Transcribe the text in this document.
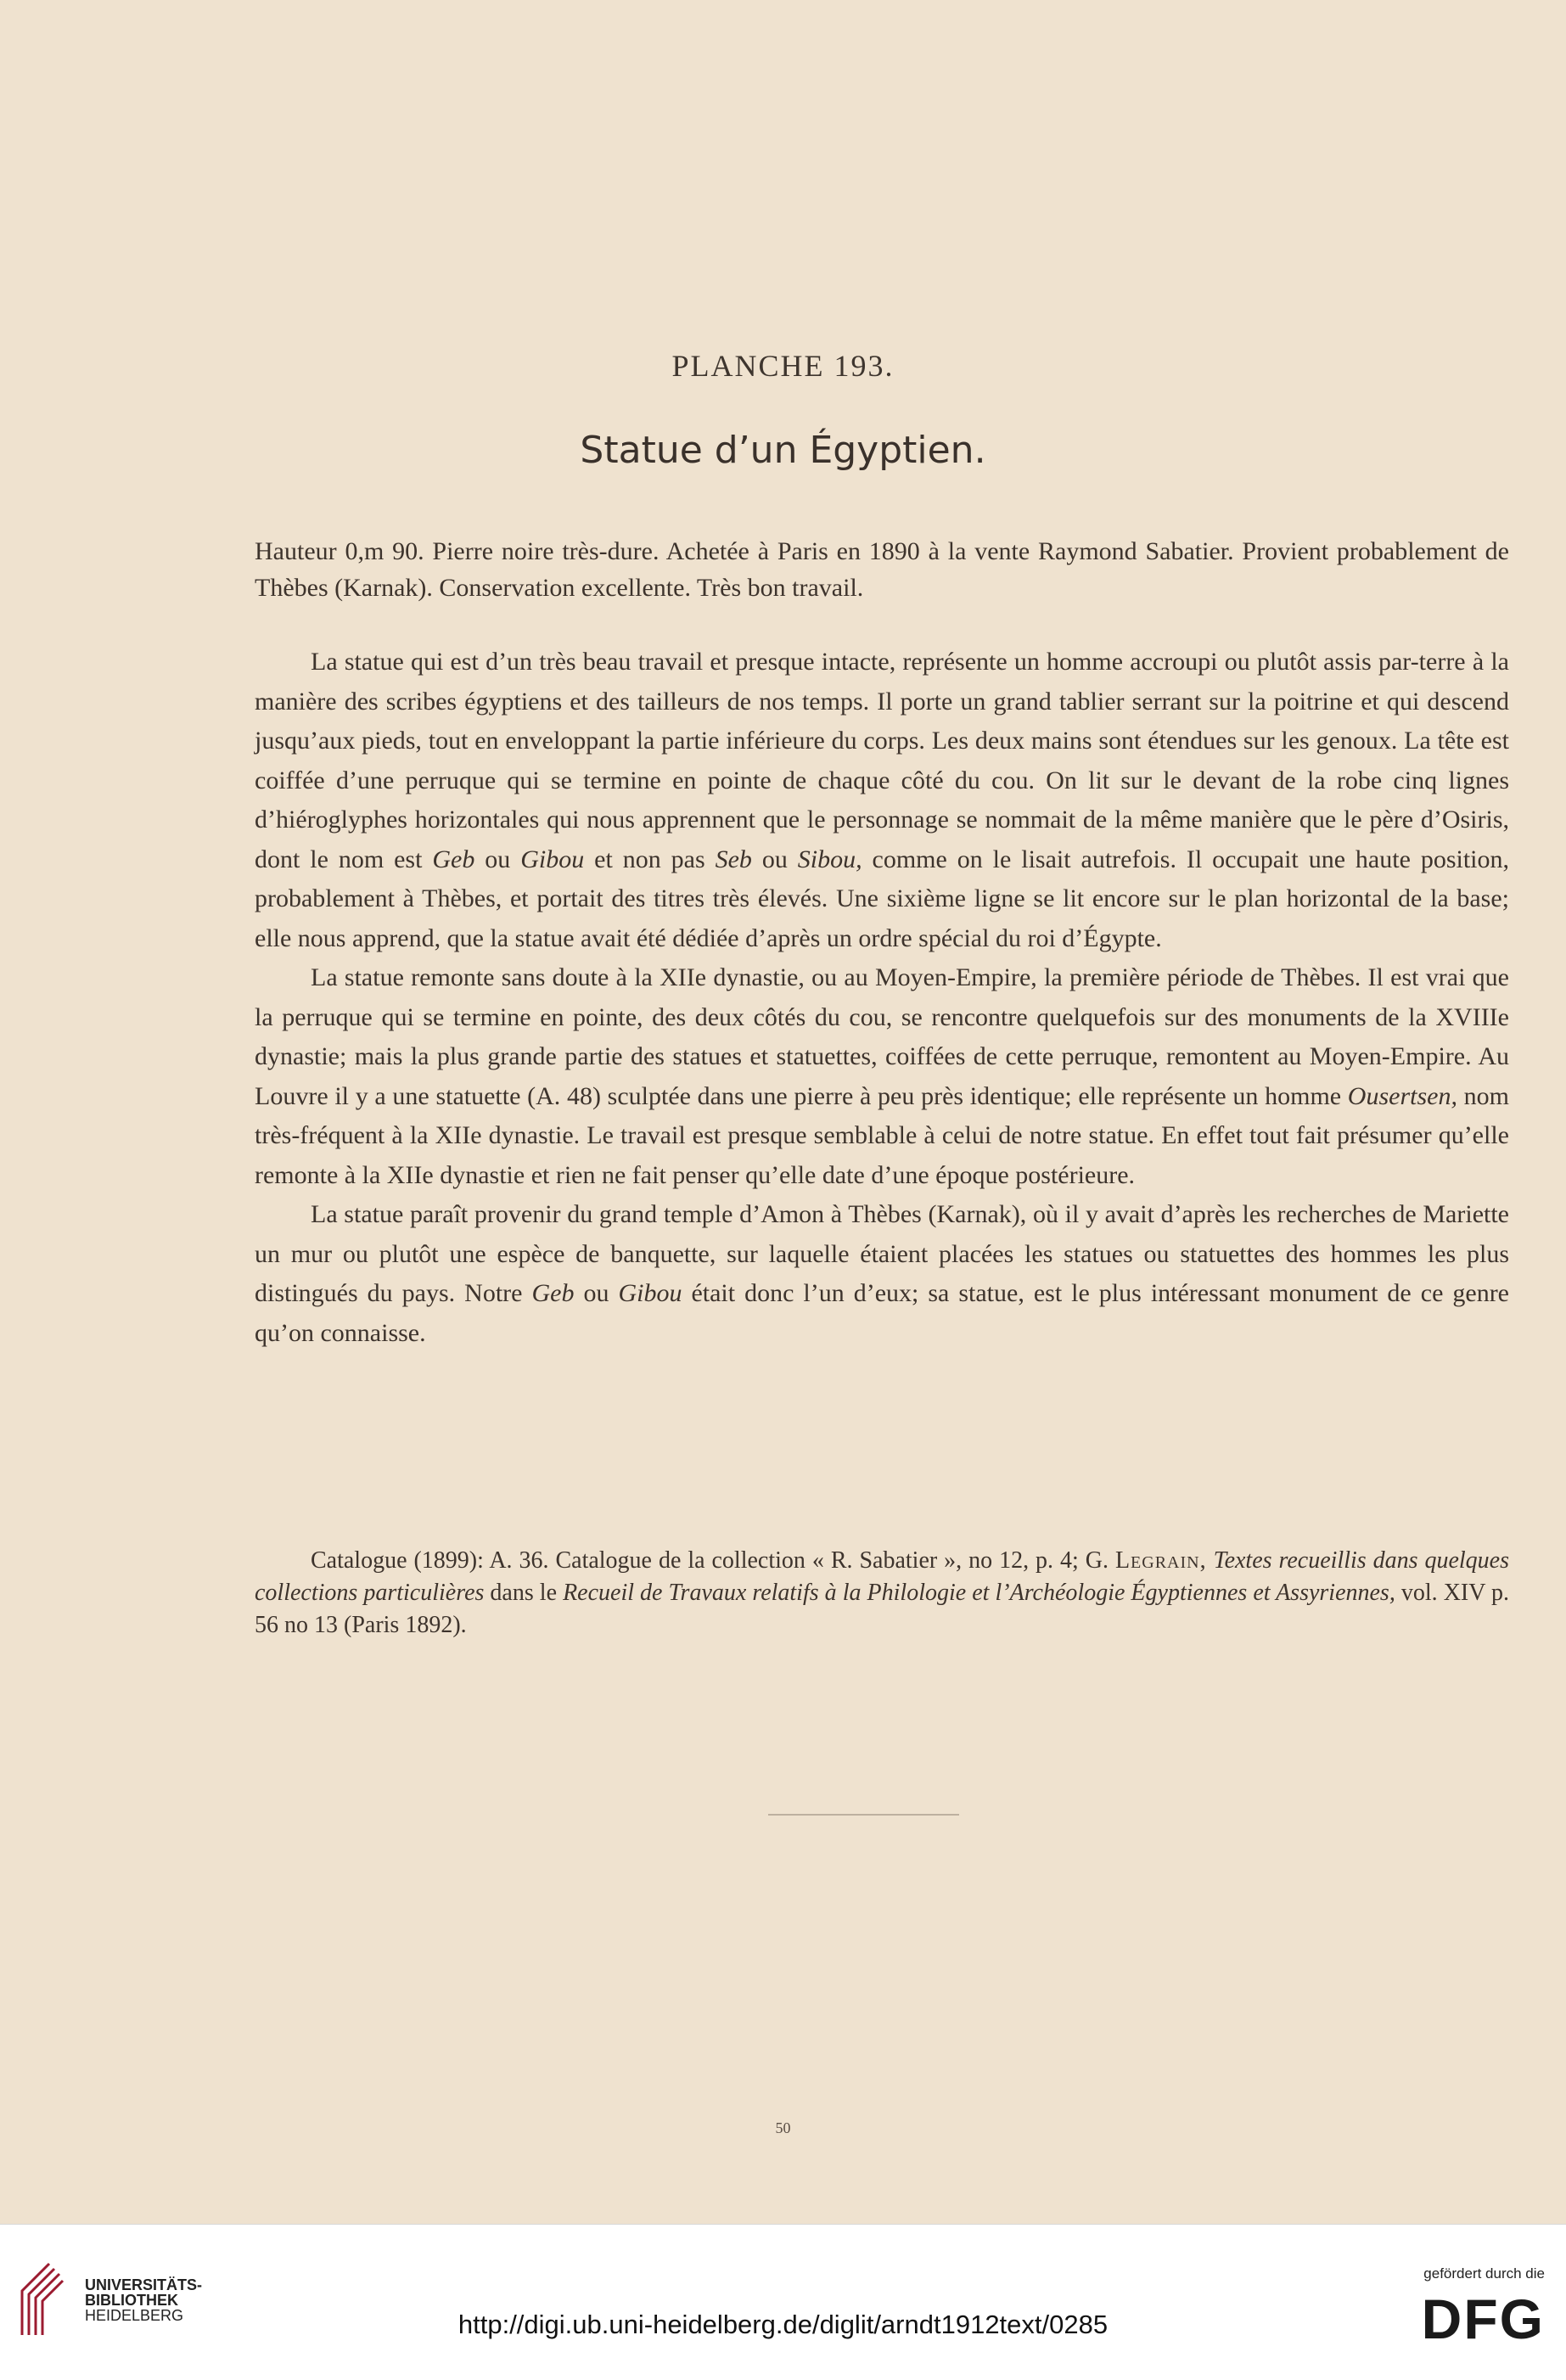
PLANCHE 193.
Statue d’un Égyptien.
Hauteur 0,m 90. Pierre noire très-dure. Achetée à Paris en 1890 à la vente Raymond Sabatier. Provient probablement de Thèbes (Karnak). Conservation excellente. Très bon travail.

La statue qui est d’un très beau travail et presque intacte, représente un homme accroupi ou plutôt assis par-terre à la manière des scribes égyptiens et des tailleurs de nos temps. Il porte un grand tablier serrant sur la poitrine et qui descend jusqu’aux pieds, tout en enveloppant la partie inférieure du corps. Les deux mains sont étendues sur les genoux. La tête est coiffée d’une perruque qui se termine en pointe de chaque côté du cou. On lit sur le devant de la robe cinq lignes d’hiéroglyphes horizontales qui nous apprennent que le personnage se nommait de la même manière que le père d’Osiris, dont le nom est Geb ou Gibou et non pas Seb ou Sibou, comme on le lisait autrefois. Il occupait une haute position, probablement à Thèbes, et portait des titres très élevés. Une sixième ligne se lit encore sur le plan horizontal de la base; elle nous apprend, que la statue avait été dédiée d’après un ordre spécial du roi d’Égypte.

La statue remonte sans doute à la XIIe dynastie, ou au Moyen-Empire, la première période de Thèbes. Il est vrai que la perruque qui se termine en pointe, des deux côtés du cou, se rencontre quelquefois sur des monuments de la XVIIIe dynastie; mais la plus grande partie des statues et statuettes, coiffées de cette perruque, remontent au Moyen-Empire. Au Louvre il y a une statuette (A. 48) sculptée dans une pierre à peu près identique; elle représente un homme Ousertsen, nom très-fréquent à la XIIe dynastie. Le travail est presque semblable à celui de notre statue. En effet tout fait présumer qu’elle remonte à la XIIe dynastie et rien ne fait penser qu’elle date d’une époque postérieure.

La statue paraît provenir du grand temple d’Amon à Thèbes (Karnak), où il y avait d’après les recherches de Mariette un mur ou plutôt une espèce de banquette, sur laquelle étaient placées les statues ou statuettes des hommes les plus distingués du pays. Notre Geb ou Gibou était donc l’un d’eux; sa statue, est le plus intéressant monument de ce genre qu’on connaisse.

Catalogue (1899): A. 36. Catalogue de la collection « R. Sabatier », no 12, p. 4; G. Legrain, Textes recueillis dans quelques collections particulières dans le Recueil de Travaux relatifs à la Philologie et l’Archéologie Égyptiennes et Assyriennes, vol. XIV p. 56 no 13 (Paris 1892).
50
UNIVERSITÄTS-
BIBLIOTHEK
HEIDELBERG	http://digi.ub.uni-heidelberg.de/diglit/arndt1912text/0285
gefördert durch die
DFG
